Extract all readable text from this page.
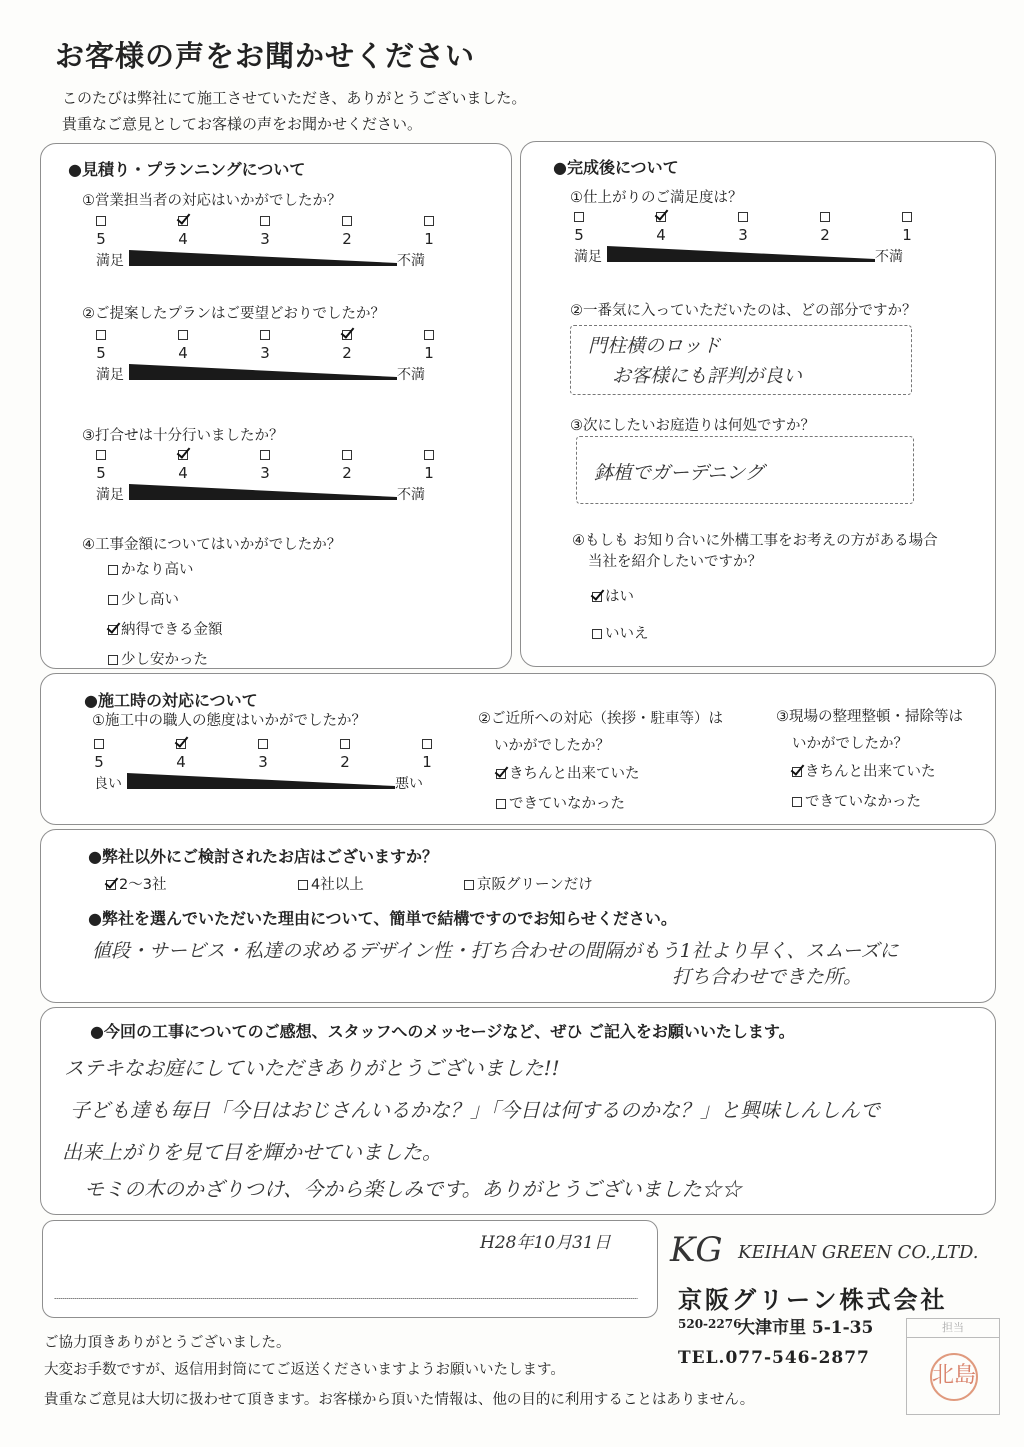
お客様の声をお聞かせください
このたびは弊社にて施工させていただき、ありがとうございました。
貴重なご意見としてお客様の声をお聞かせください。
●見積り・プランニングについて
①営業担当者の対応はいかがでしたか？
5	4	3	2	1
満足	不満
②ご提案したプランはご要望どおりでしたか？
5	4	3	2	1
満足	不満
③打合せは十分行いましたか？
5	4	3	2	1
満足	不満
④工事金額についてはいかがでしたか？
かなり高い
少し高い
納得できる金額
少し安かった
●完成後について
①仕上がりのご満足度は？
5	4	3	2	1
満足	不満
②一番気に入っていただいたのは、どの部分ですか？
門柱横のロッド
お客様にも評判が良い
③次にしたいお庭造りは何処ですか？
鉢植でガーデニング
④もしも お知り合いに外構工事をお考えの方がある場合
当社を紹介したいですか？
はい
いいえ
●施工時の対応について
①施工中の職人の態度はいかがでしたか？
5	4	3	2	1
良い	悪い
②ご近所への対応（挨拶・駐車等）は
いかがでしたか？
きちんと出来ていた
できていなかった
③現場の整理整頓・掃除等は
いかがでしたか？
きちんと出来ていた
できていなかった
●弊社以外にご検討されたお店はございますか？
2～3社	4社以上	京阪グリーンだけ
●弊社を選んでいただいた理由について、簡単で結構ですのでお知らせください。
値段・サービス・私達の求めるデザイン性・打ち合わせの間隔がもう1社より早く、スムーズに
打ち合わせできた所。
●今回の工事についてのご感想、スタッフへのメッセージなど、ぜひ ご記入をお願いいたします。
ステキなお庭にしていただきありがとうございました!!
子ども達も毎日「今日はおじさんいるかな？」「今日は何するのかな？」と興味しんしんで
出来上がりを見て目を輝かせていました。
モミの木のかざりつけ、今から楽しみです。ありがとうございました☆☆
H28年10月31日 KG KEIHAN GREEN CO.,LTD.
京阪グリーン株式会社
520-2276
大津市里 5-1-35
TEL.077-546-2877
担当
北島
ご協力頂きありがとうございました。
大変お手数ですが、返信用封筒にてご返送くださいますようお願いいたします。
貴重なご意見は大切に扱わせて頂きます。お客様から頂いた情報は、他の目的に利用することはありません。
